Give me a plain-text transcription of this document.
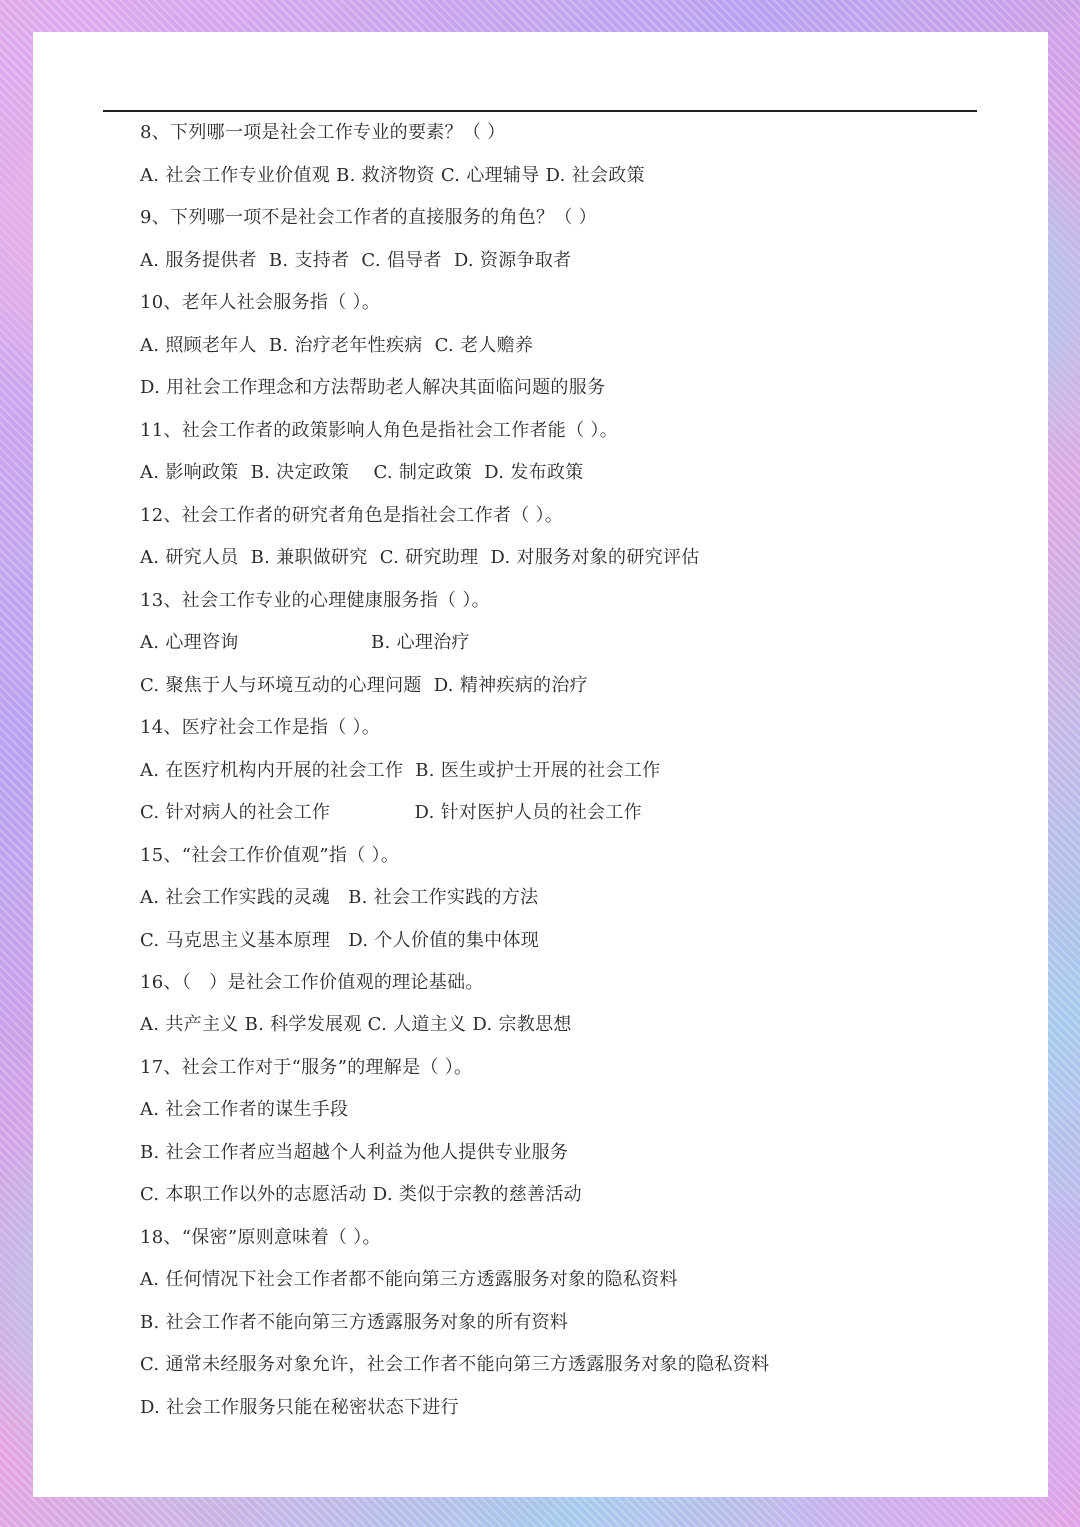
8、下列哪一项是社会工作专业的要素？（ ）
A. 社会工作专业价值观 B. 救济物资 C. 心理辅导 D. 社会政策
9、下列哪一项不是社会工作者的直接服务的角色？（ ）
A. 服务提供者  B. 支持者  C. 倡导者  D. 资源争取者
10、老年人社会服务指（ ）。
A. 照顾老年人  B. 治疗老年性疾病  C. 老人赡养
D. 用社会工作理念和方法帮助老人解决其面临问题的服务
11、社会工作者的政策影响人角色是指社会工作者能（ ）。
A. 影响政策  B. 决定政策    C. 制定政策  D. 发布政策
12、社会工作者的研究者角色是指社会工作者（ ）。
A. 研究人员  B. 兼职做研究  C. 研究助理  D. 对服务对象的研究评估
13、社会工作专业的心理健康服务指（ ）。
A. 心理咨询                      B. 心理治疗
C. 聚焦于人与环境互动的心理问题  D. 精神疾病的治疗
14、医疗社会工作是指（ ）。
A. 在医疗机构内开展的社会工作  B. 医生或护士开展的社会工作
C. 针对病人的社会工作              D. 针对医护人员的社会工作
15、“社会工作价值观”指（ ）。
A. 社会工作实践的灵魂   B. 社会工作实践的方法
C. 马克思主义基本原理   D. 个人价值的集中体现
16、（   ）是社会工作价值观的理论基础。
A. 共产主义 B. 科学发展观 C. 人道主义 D. 宗教思想
17、社会工作对于“服务”的理解是（ ）。
A. 社会工作者的谋生手段
B. 社会工作者应当超越个人利益为他人提供专业服务
C. 本职工作以外的志愿活动 D. 类似于宗教的慈善活动
18、“保密”原则意味着（ ）。
A. 任何情况下社会工作者都不能向第三方透露服务对象的隐私资料
B. 社会工作者不能向第三方透露服务对象的所有资料
C. 通常未经服务对象允许，社会工作者不能向第三方透露服务对象的隐私资料
D. 社会工作服务只能在秘密状态下进行
